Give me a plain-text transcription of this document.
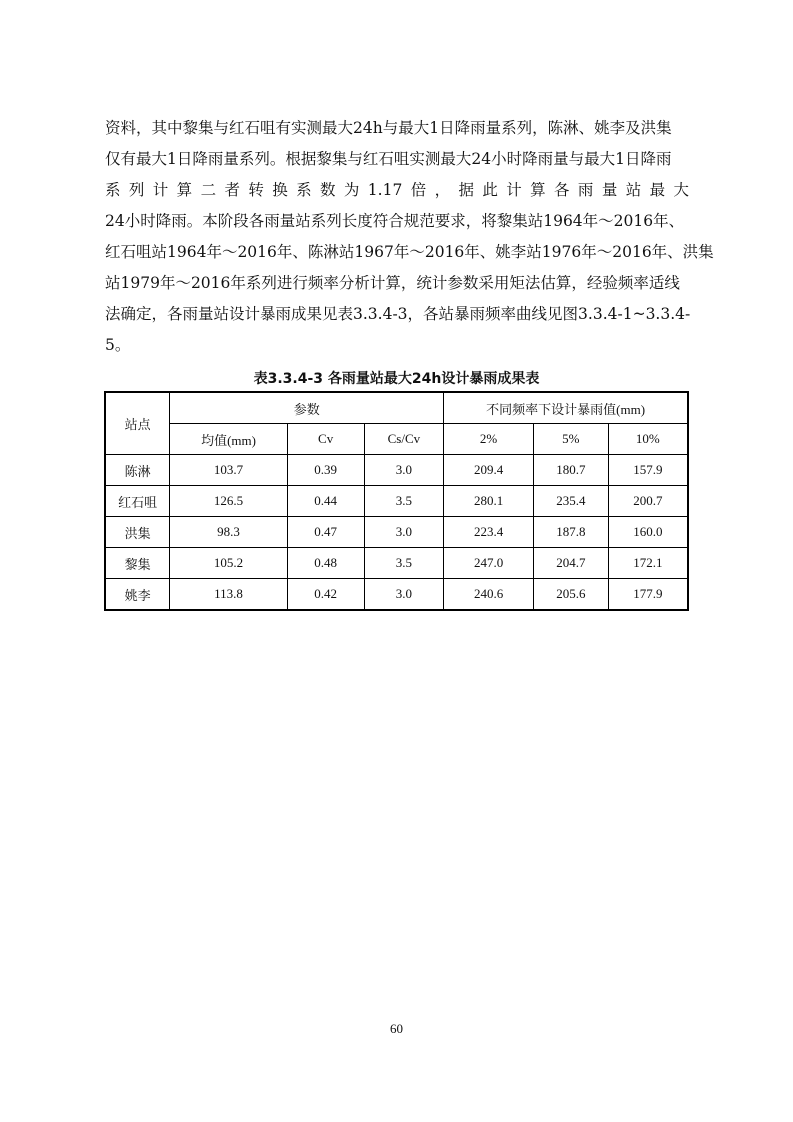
资料，其中黎集与红石咀有实测最大24h与最大1日降雨量系列，陈淋、姚李及洪集
仅有最大1日降雨量系列。根据黎集与红石咀实测最大24小时降雨量与最大1日降雨
系列计算二者转换系数为1.17倍，据此计算各雨量站最大
24小时降雨。本阶段各雨量站系列长度符合规范要求，将黎集站1964年～2016年、
红石咀站1964年～2016年、陈淋站1967年～2016年、姚李站1976年～2016年、洪集
站1979年～2016年系列进行频率分析计算，统计参数采用矩法估算，经验频率适线
法确定，各雨量站设计暴雨成果见表3.3.4-3，各站暴雨频率曲线见图3.3.4-1~3.3.4-
5。
表3.3.4-3 各雨量站最大24h设计暴雨成果表
站点	参数			不同频率下设计暴雨值(mm)		
	均值(mm)	Cv	Cs/Cv	2%	5%	10%
陈淋	103.7	0.39	3.0	209.4	180.7	157.9
红石咀	126.5	0.44	3.5	280.1	235.4	200.7
洪集	98.3	0.47	3.0	223.4	187.8	160.0
黎集	105.2	0.48	3.5	247.0	204.7	172.1
姚李	113.8	0.42	3.0	240.6	205.6	177.9
60
